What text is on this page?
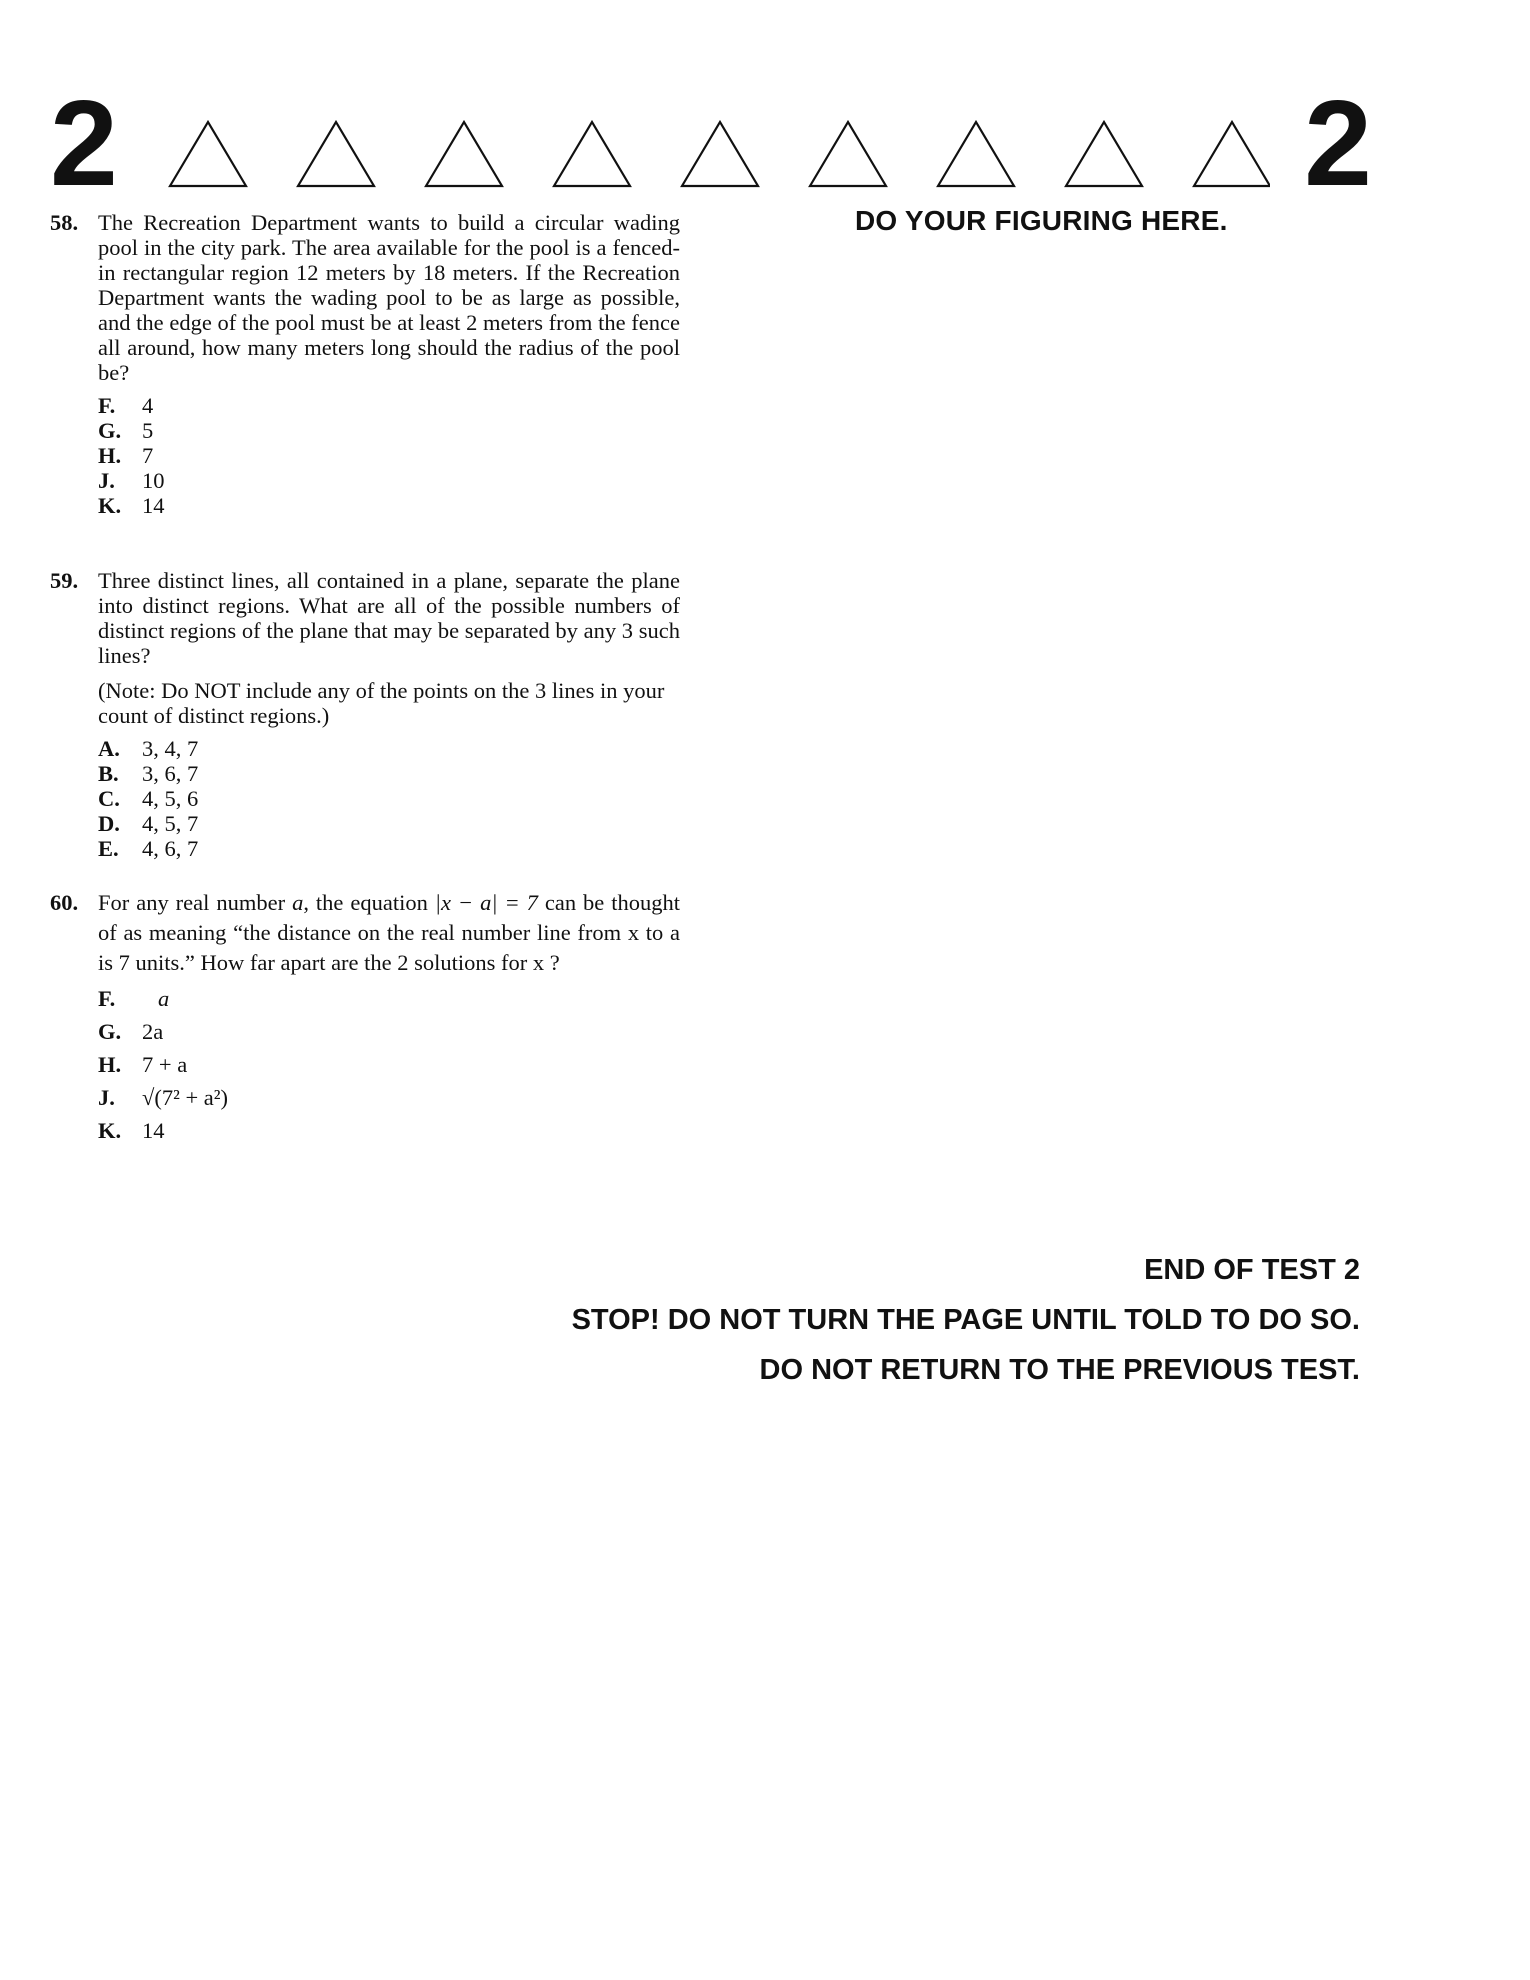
2	2
DO YOUR FIGURING HERE.
58. The Recreation Department wants to build a circular wading pool in the city park. The area available for the pool is a fenced-in rectangular region 12 meters by 18 meters. If the Recreation Department wants the wading pool to be as large as possible, and the edge of the pool must be at least 2 meters from the fence all around, how many meters long should the radius of the pool be?
F.	4
G. 5
H. 7
J.	10
K. 14
59. Three distinct lines, all contained in a plane, separate the plane into distinct regions. What are all of the possible numbers of distinct regions of the plane that may be separated by any 3 such lines?
(Note: Do NOT include any of the points on the 3 lines in your count of distinct regions.)
A. 3, 4, 7
B.	3, 6, 7
C. 4, 5, 6
D. 4, 5, 7
E.	4, 6, 7
60. For any real number a, the equation |x − a| = 7 can be thought of as meaning “the distance on the real number line from x to a is 7 units.” How far apart are the 2 solutions for x ?
F.	a
G. 2a
H. 7 + a
J.	√(7² + a²)
K. 14
END OF TEST 2
STOP! DO NOT TURN THE PAGE UNTIL TOLD TO DO SO.
DO NOT RETURN TO THE PREVIOUS TEST.
